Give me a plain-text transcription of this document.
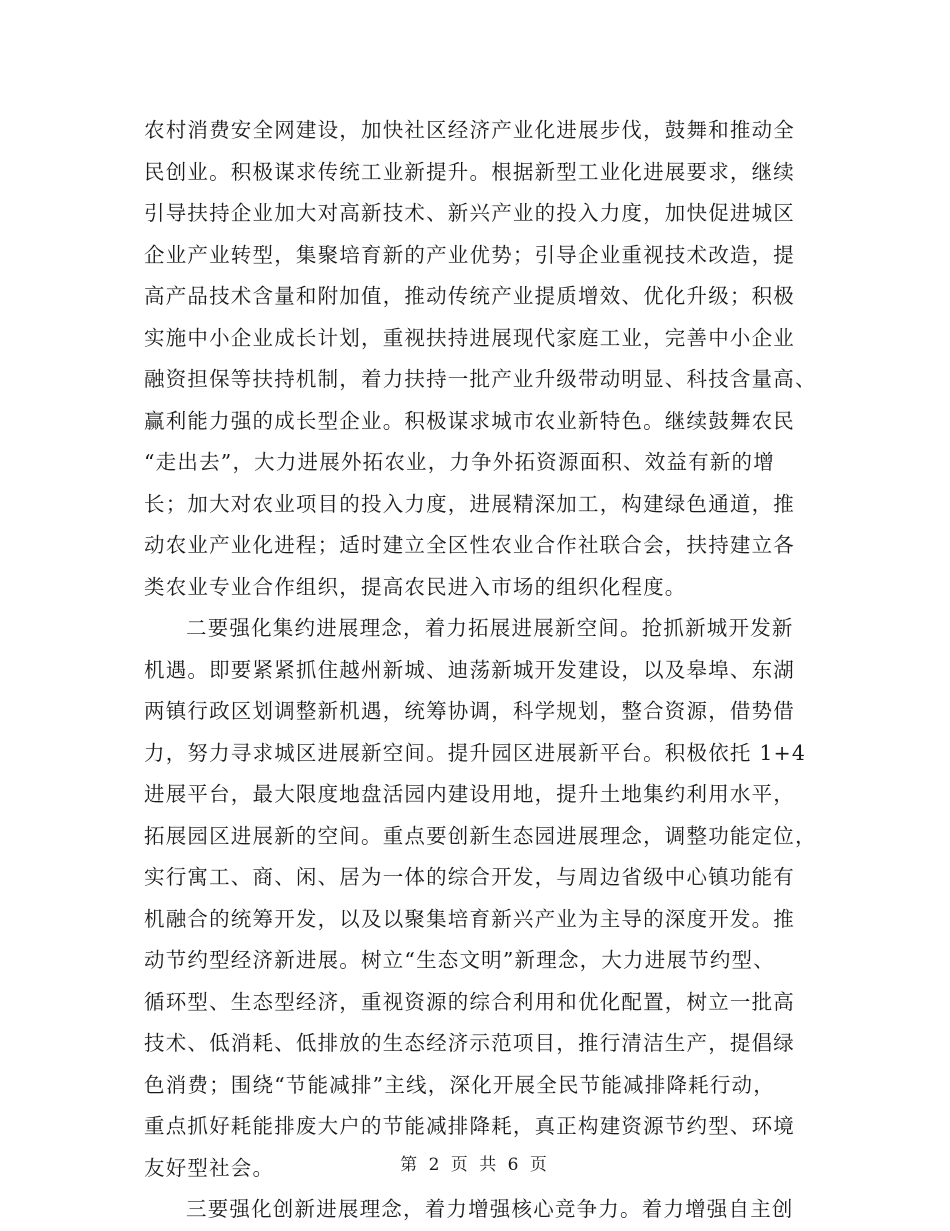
农村消费安全网建设，加快社区经济产业化进展步伐，鼓舞和推动全
民创业。积极谋求传统工业新提升。根据新型工业化进展要求，继续
引导扶持企业加大对高新技术、新兴产业的投入力度，加快促进城区
企业产业转型，集聚培育新的产业优势；引导企业重视技术改造，提
高产品技术含量和附加值，推动传统产业提质增效、优化升级；积极
实施中小企业成长计划，重视扶持进展现代家庭工业，完善中小企业
融资担保等扶持机制，着力扶持一批产业升级带动明显、科技含量高、
赢利能力强的成长型企业。积极谋求城市农业新特色。继续鼓舞农民
“走出去”，大力进展外拓农业，力争外拓资源面积、效益有新的增
长；加大对农业项目的投入力度，进展精深加工，构建绿色通道，推
动农业产业化进程；适时建立全区性农业合作社联合会，扶持建立各
类农业专业合作组织，提高农民进入市场的组织化程度。
二要强化集约进展理念，着力拓展进展新空间。抢抓新城开发新
机遇。即要紧紧抓住越州新城、迪荡新城开发建设，以及皋埠、东湖
两镇行政区划调整新机遇，统筹协调，科学规划，整合资源，借势借
力，努力寻求城区进展新空间。提升园区进展新平台。积极依托 1+4
进展平台，最大限度地盘活园内建设用地，提升土地集约利用水平，
拓展园区进展新的空间。重点要创新生态园进展理念，调整功能定位，
实行寓工、商、闲、居为一体的综合开发，与周边省级中心镇功能有
机融合的统筹开发，以及以聚集培育新兴产业为主导的深度开发。推
动节约型经济新进展。树立“生态文明”新理念，大力进展节约型、
循环型、生态型经济，重视资源的综合利用和优化配置，树立一批高
技术、低消耗、低排放的生态经济示范项目，推行清洁生产，提倡绿
色消费；围绕“节能减排”主线，深化开展全民节能减排降耗行动，
重点抓好耗能排废大户的节能减排降耗，真正构建资源节约型、环境
友好型社会。
三要强化创新进展理念，着力增强核心竞争力。着力增强自主创
第 2 页 共 6 页
